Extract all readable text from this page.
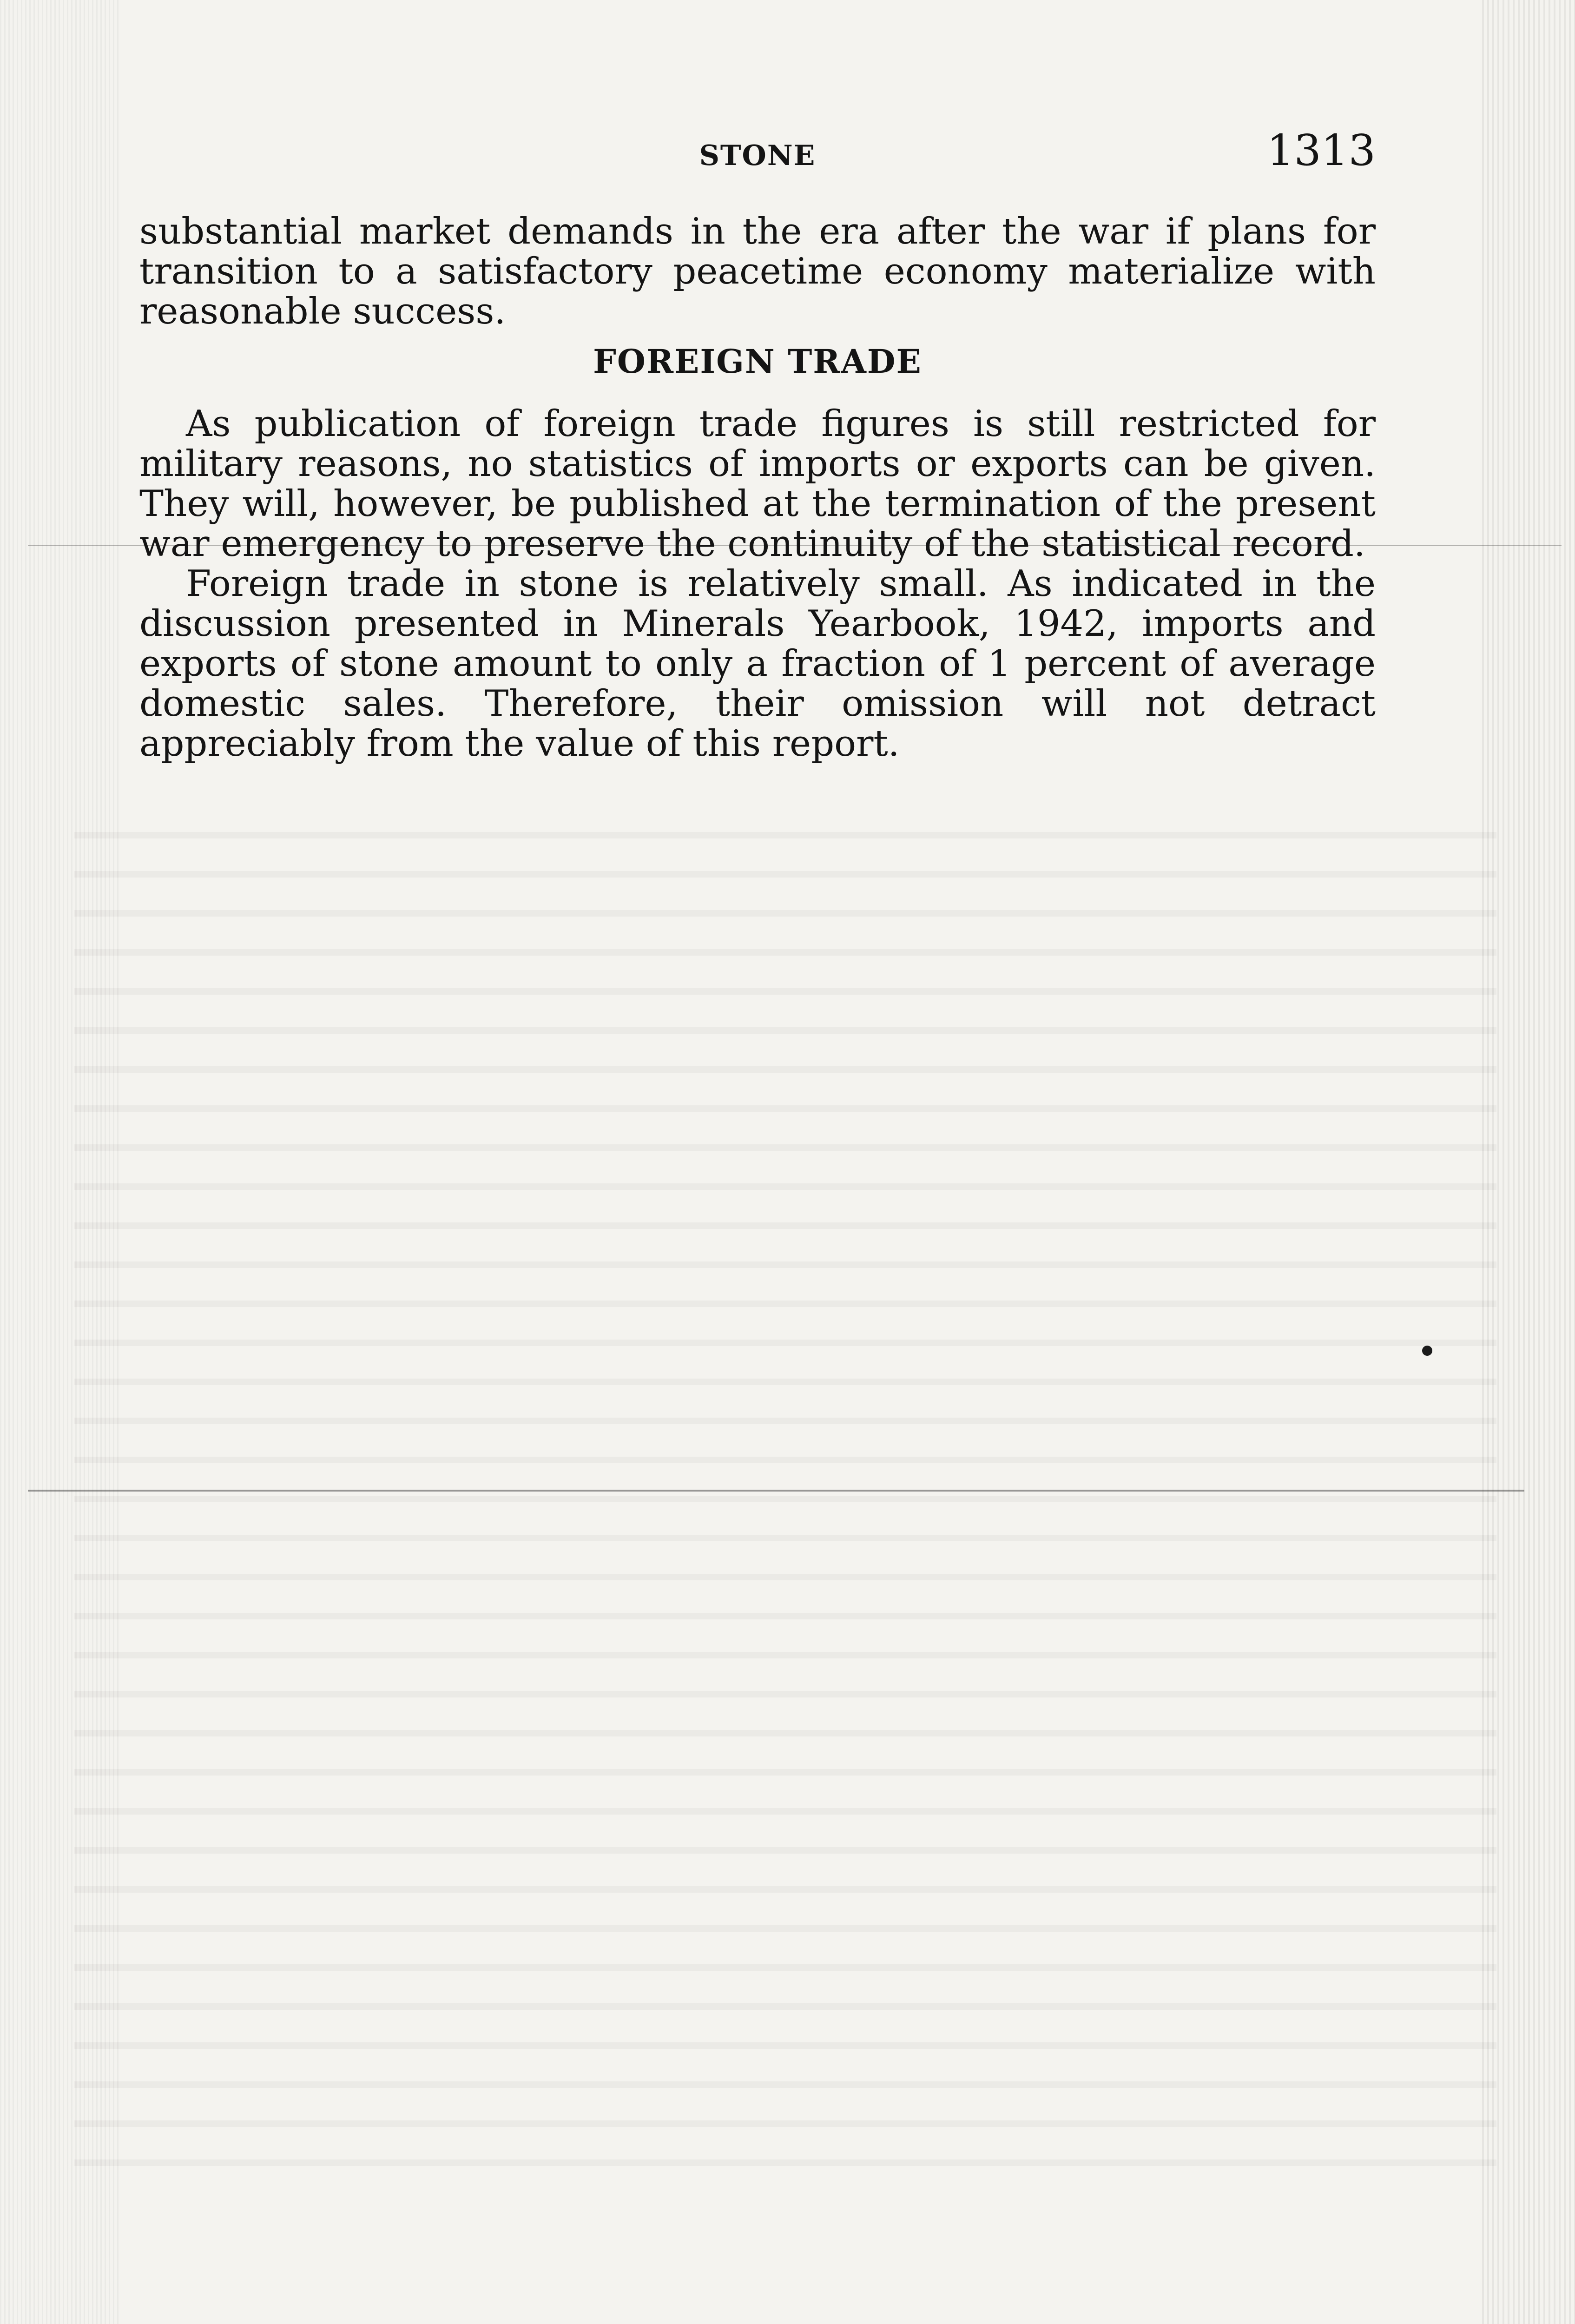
STONE	1313

substantial market demands in the era after the war if plans for transition to a satisfactory peacetime economy materialize with reasonable success.

FOREIGN TRADE

As publication of foreign trade figures is still restricted for military reasons, no statistics of imports or exports can be given. They will, however, be published at the termination of the present war emergency to preserve the continuity of the statistical record.

Foreign trade in stone is relatively small. As indicated in the discussion presented in Minerals Yearbook, 1942, imports and exports of stone amount to only a fraction of 1 percent of average domestic sales. Therefore, their omission will not detract appreciably from the value of this report.
